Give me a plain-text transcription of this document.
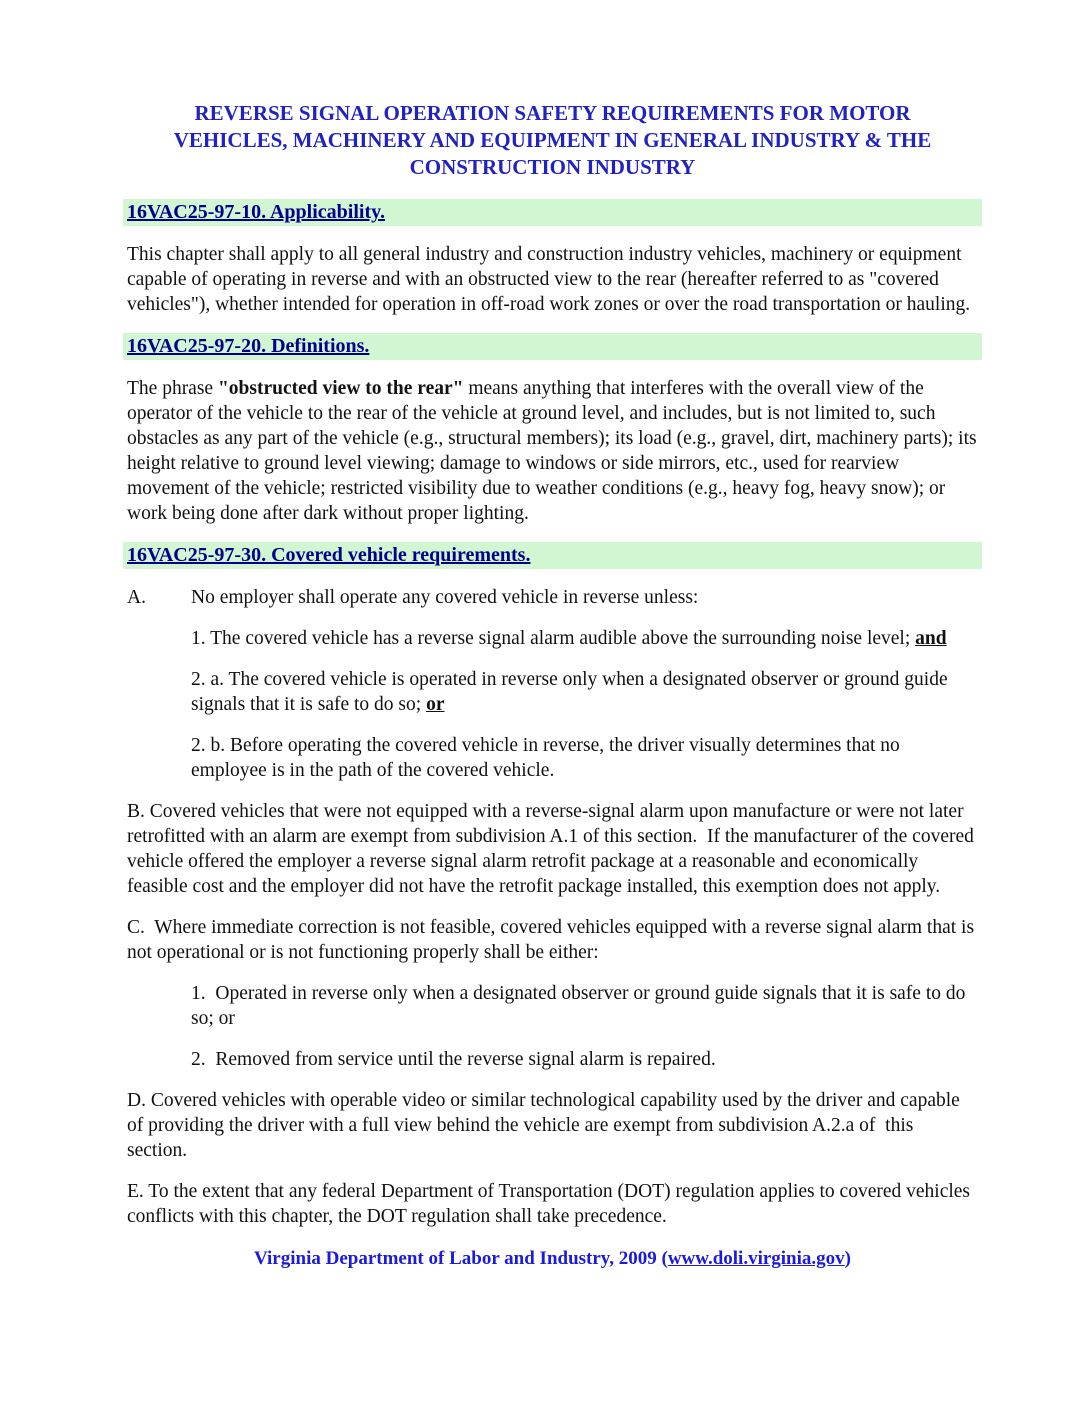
REVERSE SIGNAL OPERATION SAFETY REQUIREMENTS FOR MOTOR VEHICLES, MACHINERY AND EQUIPMENT IN GENERAL INDUSTRY & THE CONSTRUCTION INDUSTRY
16VAC25-97-10. Applicability.
This chapter shall apply to all general industry and construction industry vehicles, machinery or equipment capable of operating in reverse and with an obstructed view to the rear (hereafter referred to as "covered vehicles"), whether intended for operation in off-road work zones or over the road transportation or hauling.
16VAC25-97-20. Definitions.
The phrase "obstructed view to the rear" means anything that interferes with the overall view of the operator of the vehicle to the rear of the vehicle at ground level, and includes, but is not limited to, such obstacles as any part of the vehicle (e.g., structural members); its load (e.g., gravel, dirt, machinery parts); its height relative to ground level viewing; damage to windows or side mirrors, etc., used for rearview movement of the vehicle; restricted visibility due to weather conditions (e.g., heavy fog, heavy snow); or work being done after dark without proper lighting.
16VAC25-97-30. Covered vehicle requirements.
A.	No employer shall operate any covered vehicle in reverse unless:
1. The covered vehicle has a reverse signal alarm audible above the surrounding noise level; and
2. a. The covered vehicle is operated in reverse only when a designated observer or ground guide signals that it is safe to do so; or
2. b. Before operating the covered vehicle in reverse, the driver visually determines that no employee is in the path of the covered vehicle.
B. Covered vehicles that were not equipped with a reverse-signal alarm upon manufacture or were not later retrofitted with an alarm are exempt from subdivision A.1 of this section.  If the manufacturer of the covered vehicle offered the employer a reverse signal alarm retrofit package at a reasonable and economically feasible cost and the employer did not have the retrofit package installed, this exemption does not apply.
C.  Where immediate correction is not feasible, covered vehicles equipped with a reverse signal alarm that is not operational or is not functioning properly shall be either:
1.  Operated in reverse only when a designated observer or ground guide signals that it is safe to do so; or
2.  Removed from service until the reverse signal alarm is repaired.
D. Covered vehicles with operable video or similar technological capability used by the driver and capable of providing the driver with a full view behind the vehicle are exempt from subdivision A.2.a of  this section.
E. To the extent that any federal Department of Transportation (DOT) regulation applies to covered vehicles conflicts with this chapter, the DOT regulation shall take precedence.
Virginia Department of Labor and Industry, 2009 (www.doli.virginia.gov)
